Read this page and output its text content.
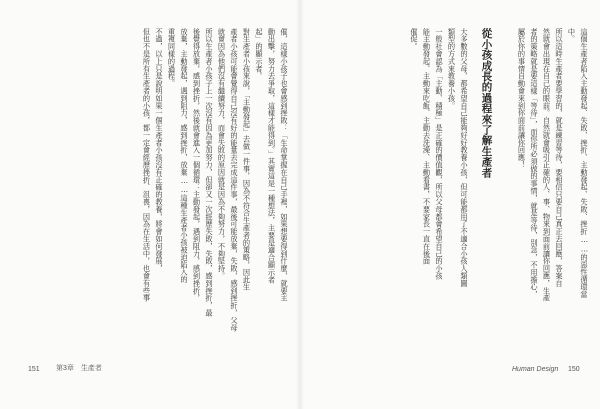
催，這樣小孩子也會感到挫敗：「生命掌握在自己手裡，如果想要得到什麼，就要主
動出擊，努力去爭取，這樣才能得到。」其實這是一種想法，主要是適合顯示者
起」的顯示者。
對生產者小孩來說，「主動發起」去做一件事，因為不符合生產者的策略，因此生
產者小孩可能會覺得自己沒有好的能量去完成這件事，最後可能放棄，失敗，感到挫折，父母
就會因為他們沒有繼續努力，而會失敗的原因就是因為不夠努力，不夠堅持。
所以生產者小孩子上一次沒有因為更加努力，但卻又一次經歷失敗，失敗，感到挫折，最
後覺得放棄，感到挫折，然後就會進入一個循環：主動發起，遇到阻力，感到挫折，
放棄，主動發起，遇到阻力，感到挫折，放棄……這種生產者小孩被迫陷入的
重複同樣的過程。
不過，以上只是說明如果一個生產者小孩沒有正確的教養，將會如何發展，
但也不是所有生產者的小孩，都一定會經歷挫折、沮喪，因為在生活中，也會有些事
151 第3章　生產者
這個生產者陷入主動發起、失敗、挫折、主動發起、失敗、挫折……的惡性循環當
中。
所以這時生產者要學習的，就是練習等待，要相信只要自己真正去回應，答案自
然就會出現在自己的眼前。自然就會吸引正確的人、事、物來到面前讓你回應，生產
者的策略就是要這樣「等待」，而你所必須做的事情，就是等待，別急，不用擔心，
屬於你的事情自動會來到你面前讓你回應！
從小孩成長的過程來了解生產者
大多數的父母，都希望自己能夠好好教養小孩，但可能都用了不適合小孩人類圖
類型的方式來教養小孩。
一般社會認為「主動、積極」是正確的價值觀，所以父母都會希望自己的小孩
能主動發起、主動來吃飯、主動去洗澡、主動看書，不要家長一直在後面
催促。
Human Design 150
